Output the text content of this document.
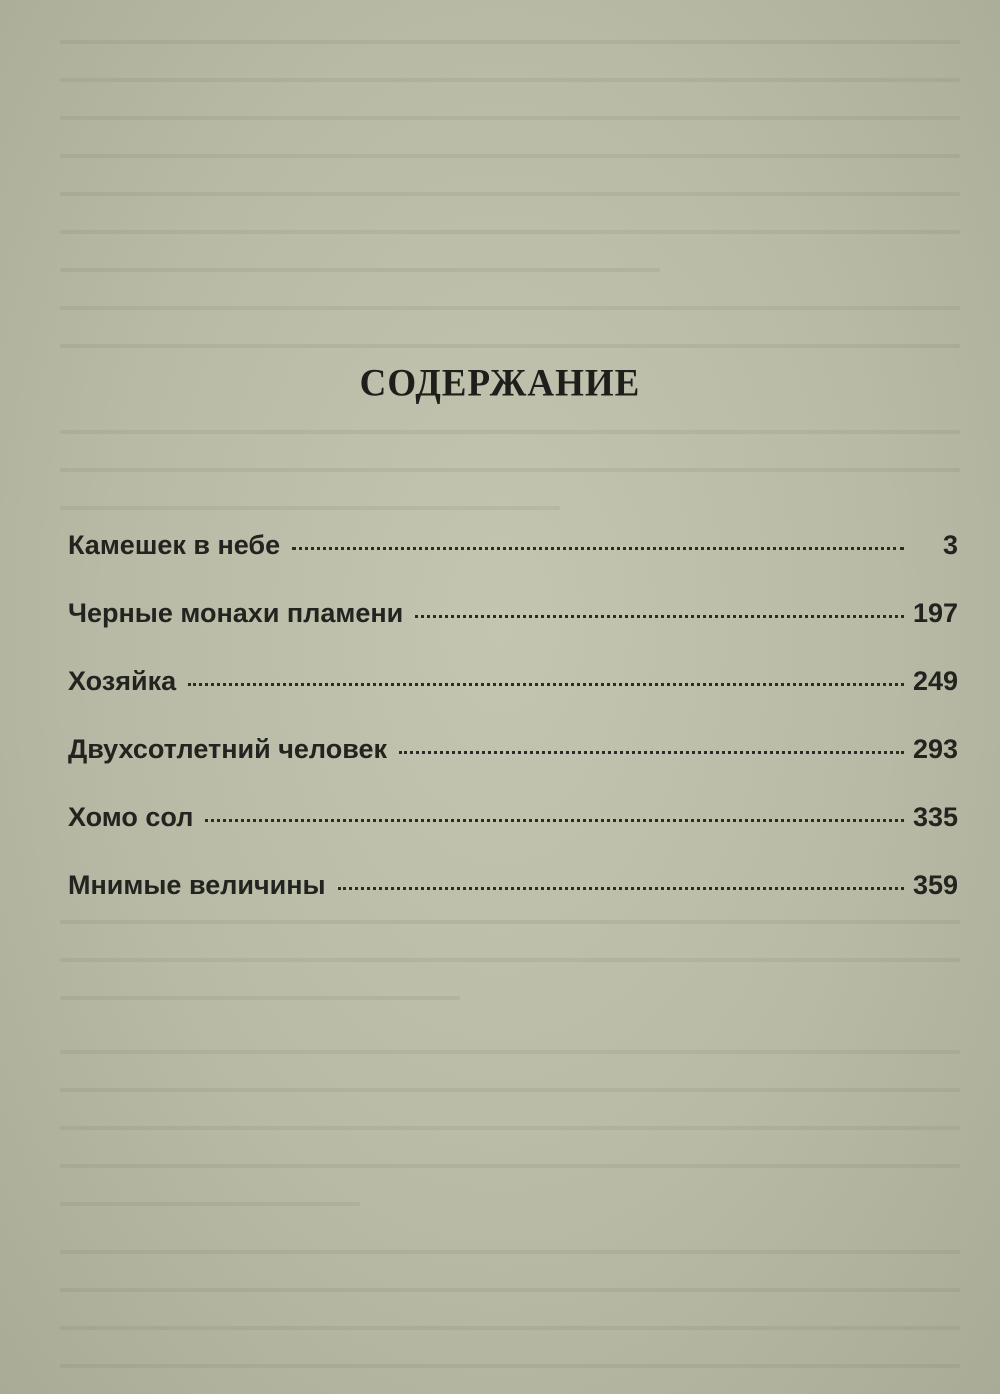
СОДЕРЖАНИЕ
Камешек в небе	3
Черные монахи пламени	197
Хозяйка	249
Двухсотлетний человек	293
Хомо сол	335
Мнимые величины	359
